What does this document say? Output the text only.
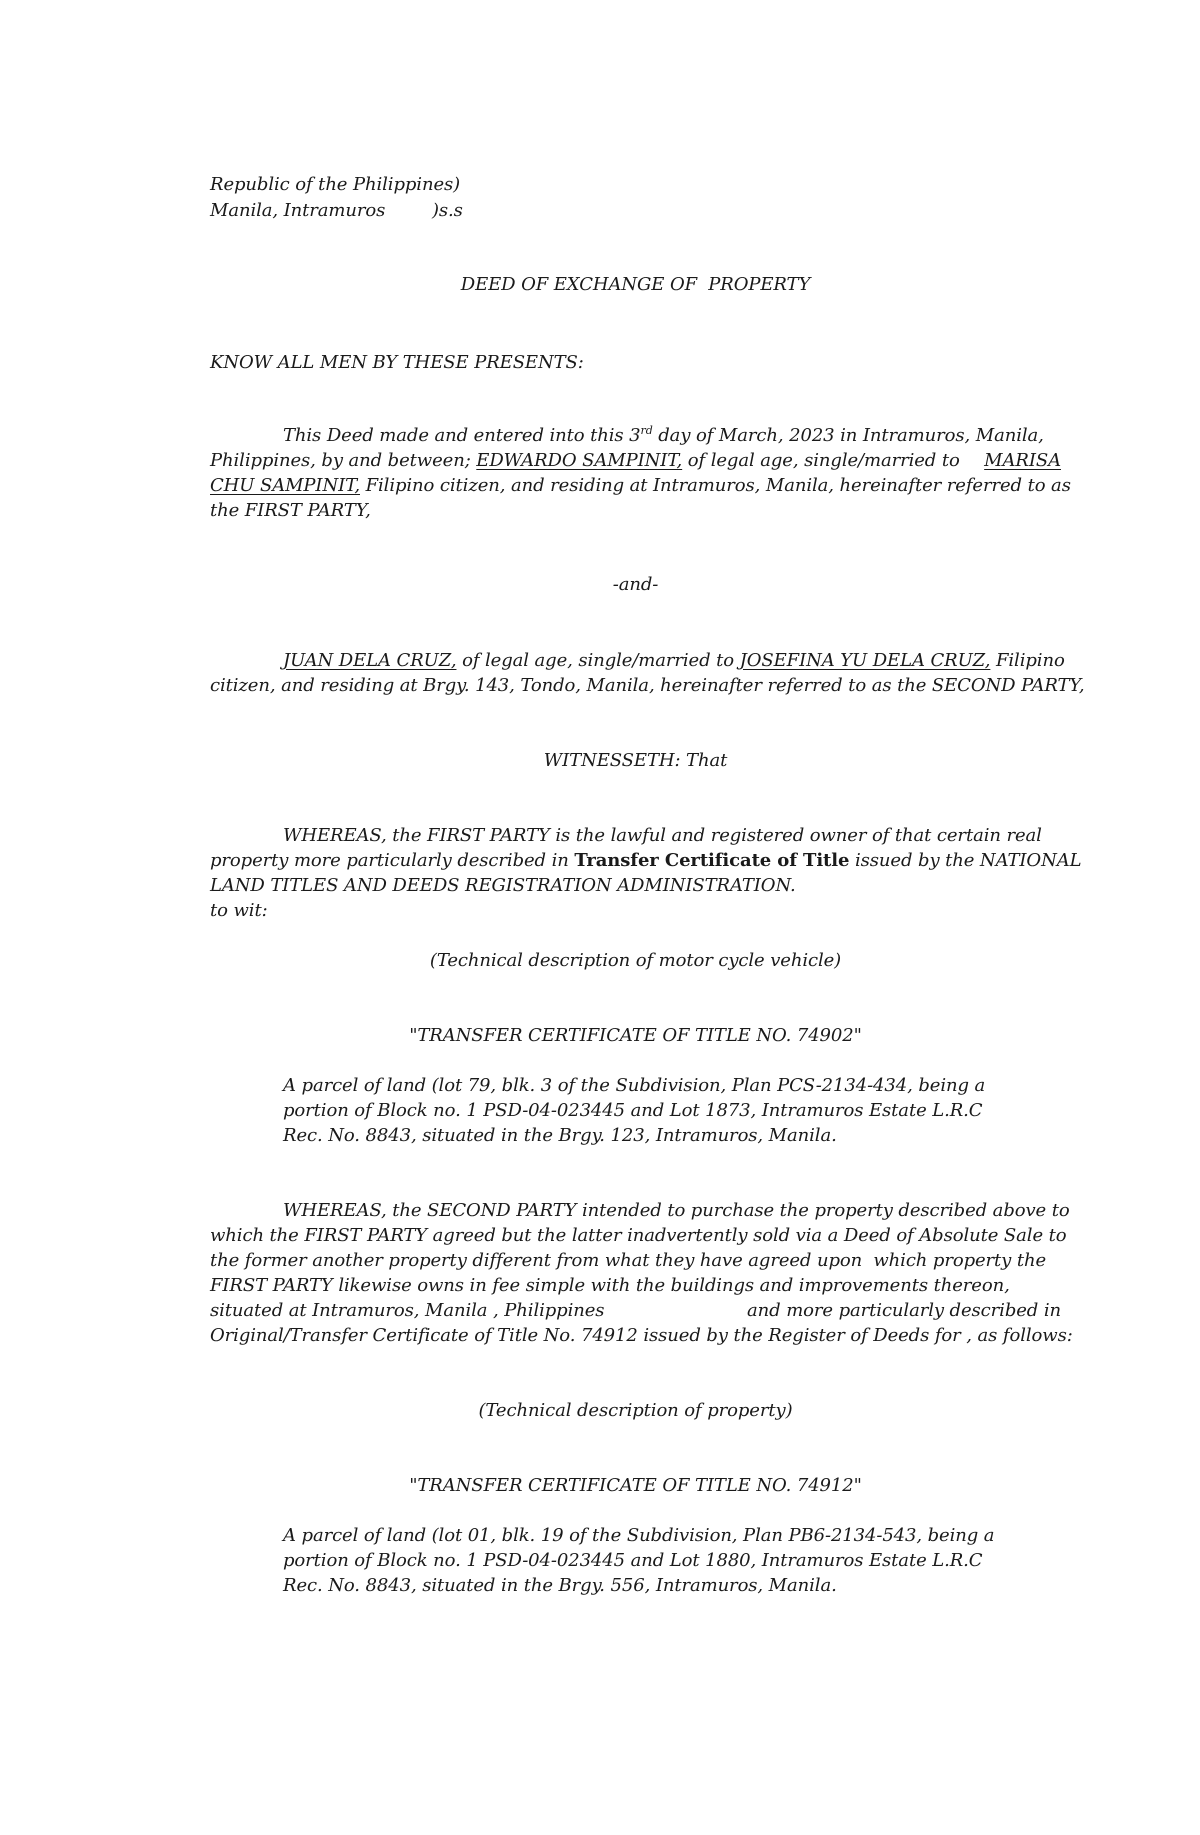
Republic of the Philippines)
Manila, Intramuros	)s.s
DEED OF EXCHANGE OF  PROPERTY
KNOW ALL MEN BY THESE PRESENTS:
This Deed made and entered into this 3rd day of March, 2023 in Intramuros, Manila,
Philippines, by and between; EDWARDO SAMPINIT, of legal age, single/married to MARISA
CHU SAMPINIT, Filipino citizen, and residing at Intramuros, Manila, hereinafter referred to as
the FIRST PARTY,
-and-
JUAN DELA CRUZ, of legal age, single/married to JOSEFINA YU DELA CRUZ, Filipino
citizen, and residing at Brgy. 143, Tondo, Manila, hereinafter referred to as the SECOND PARTY,
WITNESSETH: That
WHEREAS, the FIRST PARTY is the lawful and registered owner of that certain real
property more particularly described in Transfer Certificate of Title issued by the NATIONAL
LAND TITLES AND DEEDS REGISTRATION ADMINISTRATION.
to wit:
(Technical description of motor cycle vehicle)
"TRANSFER CERTIFICATE OF TITLE NO. 74902"
A parcel of land (lot 79, blk. 3 of the Subdivision, Plan PCS-2134-434, being a
portion of Block no. 1 PSD-04-023445 and Lot 1873, Intramuros Estate L.R.C
Rec. No. 8843, situated in the Brgy. 123, Intramuros, Manila.
WHEREAS, the SECOND PARTY intended to purchase the property described above to
which the FIRST PARTY agreed but the latter inadvertently sold via a Deed of Absolute Sale to
the former another property different from what they have agreed upon  which property the
FIRST PARTY likewise owns in fee simple with the buildings and improvements thereon,
situated at Intramuros, Manila , Philippines	and more particularly described in
Original/Transfer Certificate of Title No. 74912 issued by the Register of Deeds for , as follows:
(Technical description of property)
"TRANSFER CERTIFICATE OF TITLE NO. 74912"
A parcel of land (lot 01, blk. 19 of the Subdivision, Plan PB6-2134-543, being a
portion of Block no. 1 PSD-04-023445 and Lot 1880, Intramuros Estate L.R.C
Rec. No. 8843, situated in the Brgy. 556, Intramuros, Manila.
